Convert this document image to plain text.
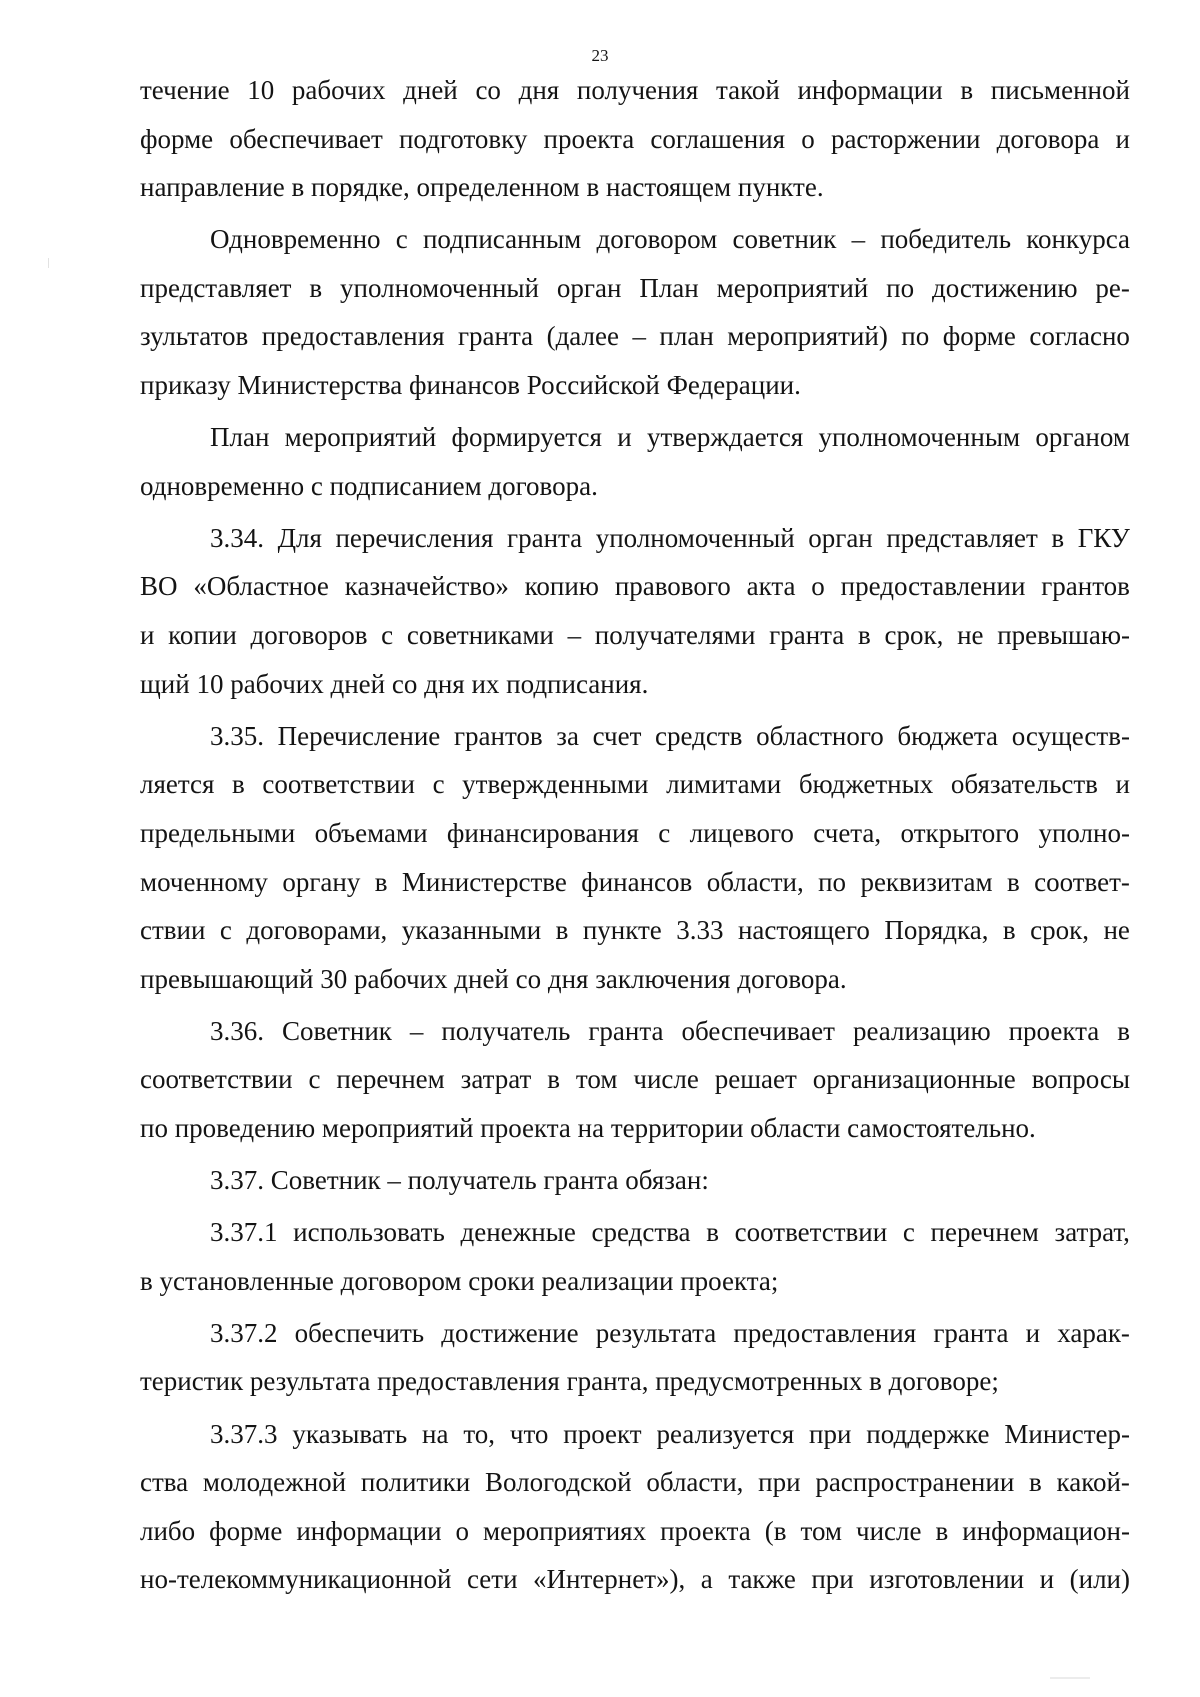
23
течение 10 рабочих дней со дня получения такой информации в письменной
форме обеспечивает подготовку проекта соглашения о расторжении договора и
направление в порядке, определенном в настоящем пункте.
Одновременно с подписанным договором советник – победитель конкурса
представляет в уполномоченный орган План мероприятий по достижению ре-
зультатов предоставления гранта (далее – план мероприятий) по форме согласно
приказу Министерства финансов Российской Федерации.
План мероприятий формируется и утверждается уполномоченным органом
одновременно с подписанием договора.
3.34. Для перечисления гранта уполномоченный орган представляет в ГКУ
ВО «Областное казначейство» копию правового акта о предоставлении грантов
и копии договоров с советниками – получателями гранта в срок, не превышаю-
щий 10 рабочих дней со дня их подписания.
3.35. Перечисление грантов за счет средств областного бюджета осуществ-
ляется в соответствии с утвержденными лимитами бюджетных обязательств и
предельными объемами финансирования с лицевого счета, открытого уполно-
моченному органу в Министерстве финансов области, по реквизитам в соответ-
ствии с договорами, указанными в пункте 3.33 настоящего Порядка, в срок, не
превышающий 30 рабочих дней со дня заключения договора.
3.36. Советник – получатель гранта обеспечивает реализацию проекта в
соответствии с перечнем затрат в том числе решает организационные вопросы
по проведению мероприятий проекта на территории области самостоятельно.
3.37. Советник – получатель гранта обязан:
3.37.1 использовать денежные средства в соответствии с перечнем затрат,
в установленные договором сроки реализации проекта;
3.37.2 обеспечить достижение результата предоставления гранта и харак-
теристик результата предоставления гранта, предусмотренных в договоре;
3.37.3 указывать на то, что проект реализуется при поддержке Министер-
ства молодежной политики Вологодской области, при распространении в какой-
либо форме информации о мероприятиях проекта (в том числе в информацион-
но-телекоммуникационной сети «Интернет»), а также при изготовлении и (или)
